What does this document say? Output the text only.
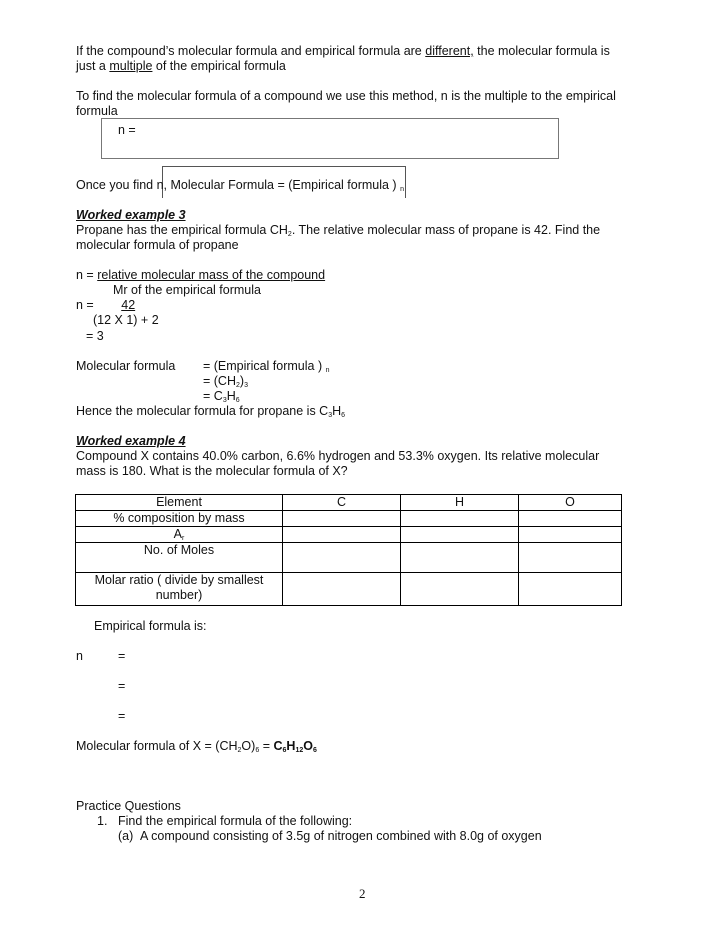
If the compound’s molecular formula and empirical formula are different, the molecular formula is
just a multiple of the empirical formula
To find the molecular formula of a compound we use this method, n is the multiple to the empirical
formula
n =
Once you find n, Molecular Formula = (Empirical formula ) $_n$
Worked example 3
Propane has the empirical formula $CH_2$. The relative molecular mass of propane is 42. Find the
molecular formula of propane
n = relative molecular mass of the compound
Mr of the empirical formula
n = 42
(12 X 1) + 2
= 3
Molecular formula = (Empirical formula ) $_n$
= $(CH_2)_3$
= $C_3H_6$
Hence the molecular formula for propane is $C_3H_6$
Worked example 4
Compound X contains 40.0% carbon, 6.6% hydrogen and 53.3% oxygen. Its relative molecular
mass is 180. What is the molecular formula of X?
Element	C	H	O
% composition by mass			
$A_r$			
No. of Moles			

Molar ratio ( divide by smallest
number)			

Empirical formula is:
n	=
=
=
Molecular formula of $X = (CH_2O)_6 = C_6H_{12}O_6$
Practice Questions
1. Find the empirical formula of the following:
(a) A compound consisting of 3.5g of nitrogen combined with 8.0g of oxygen
2
